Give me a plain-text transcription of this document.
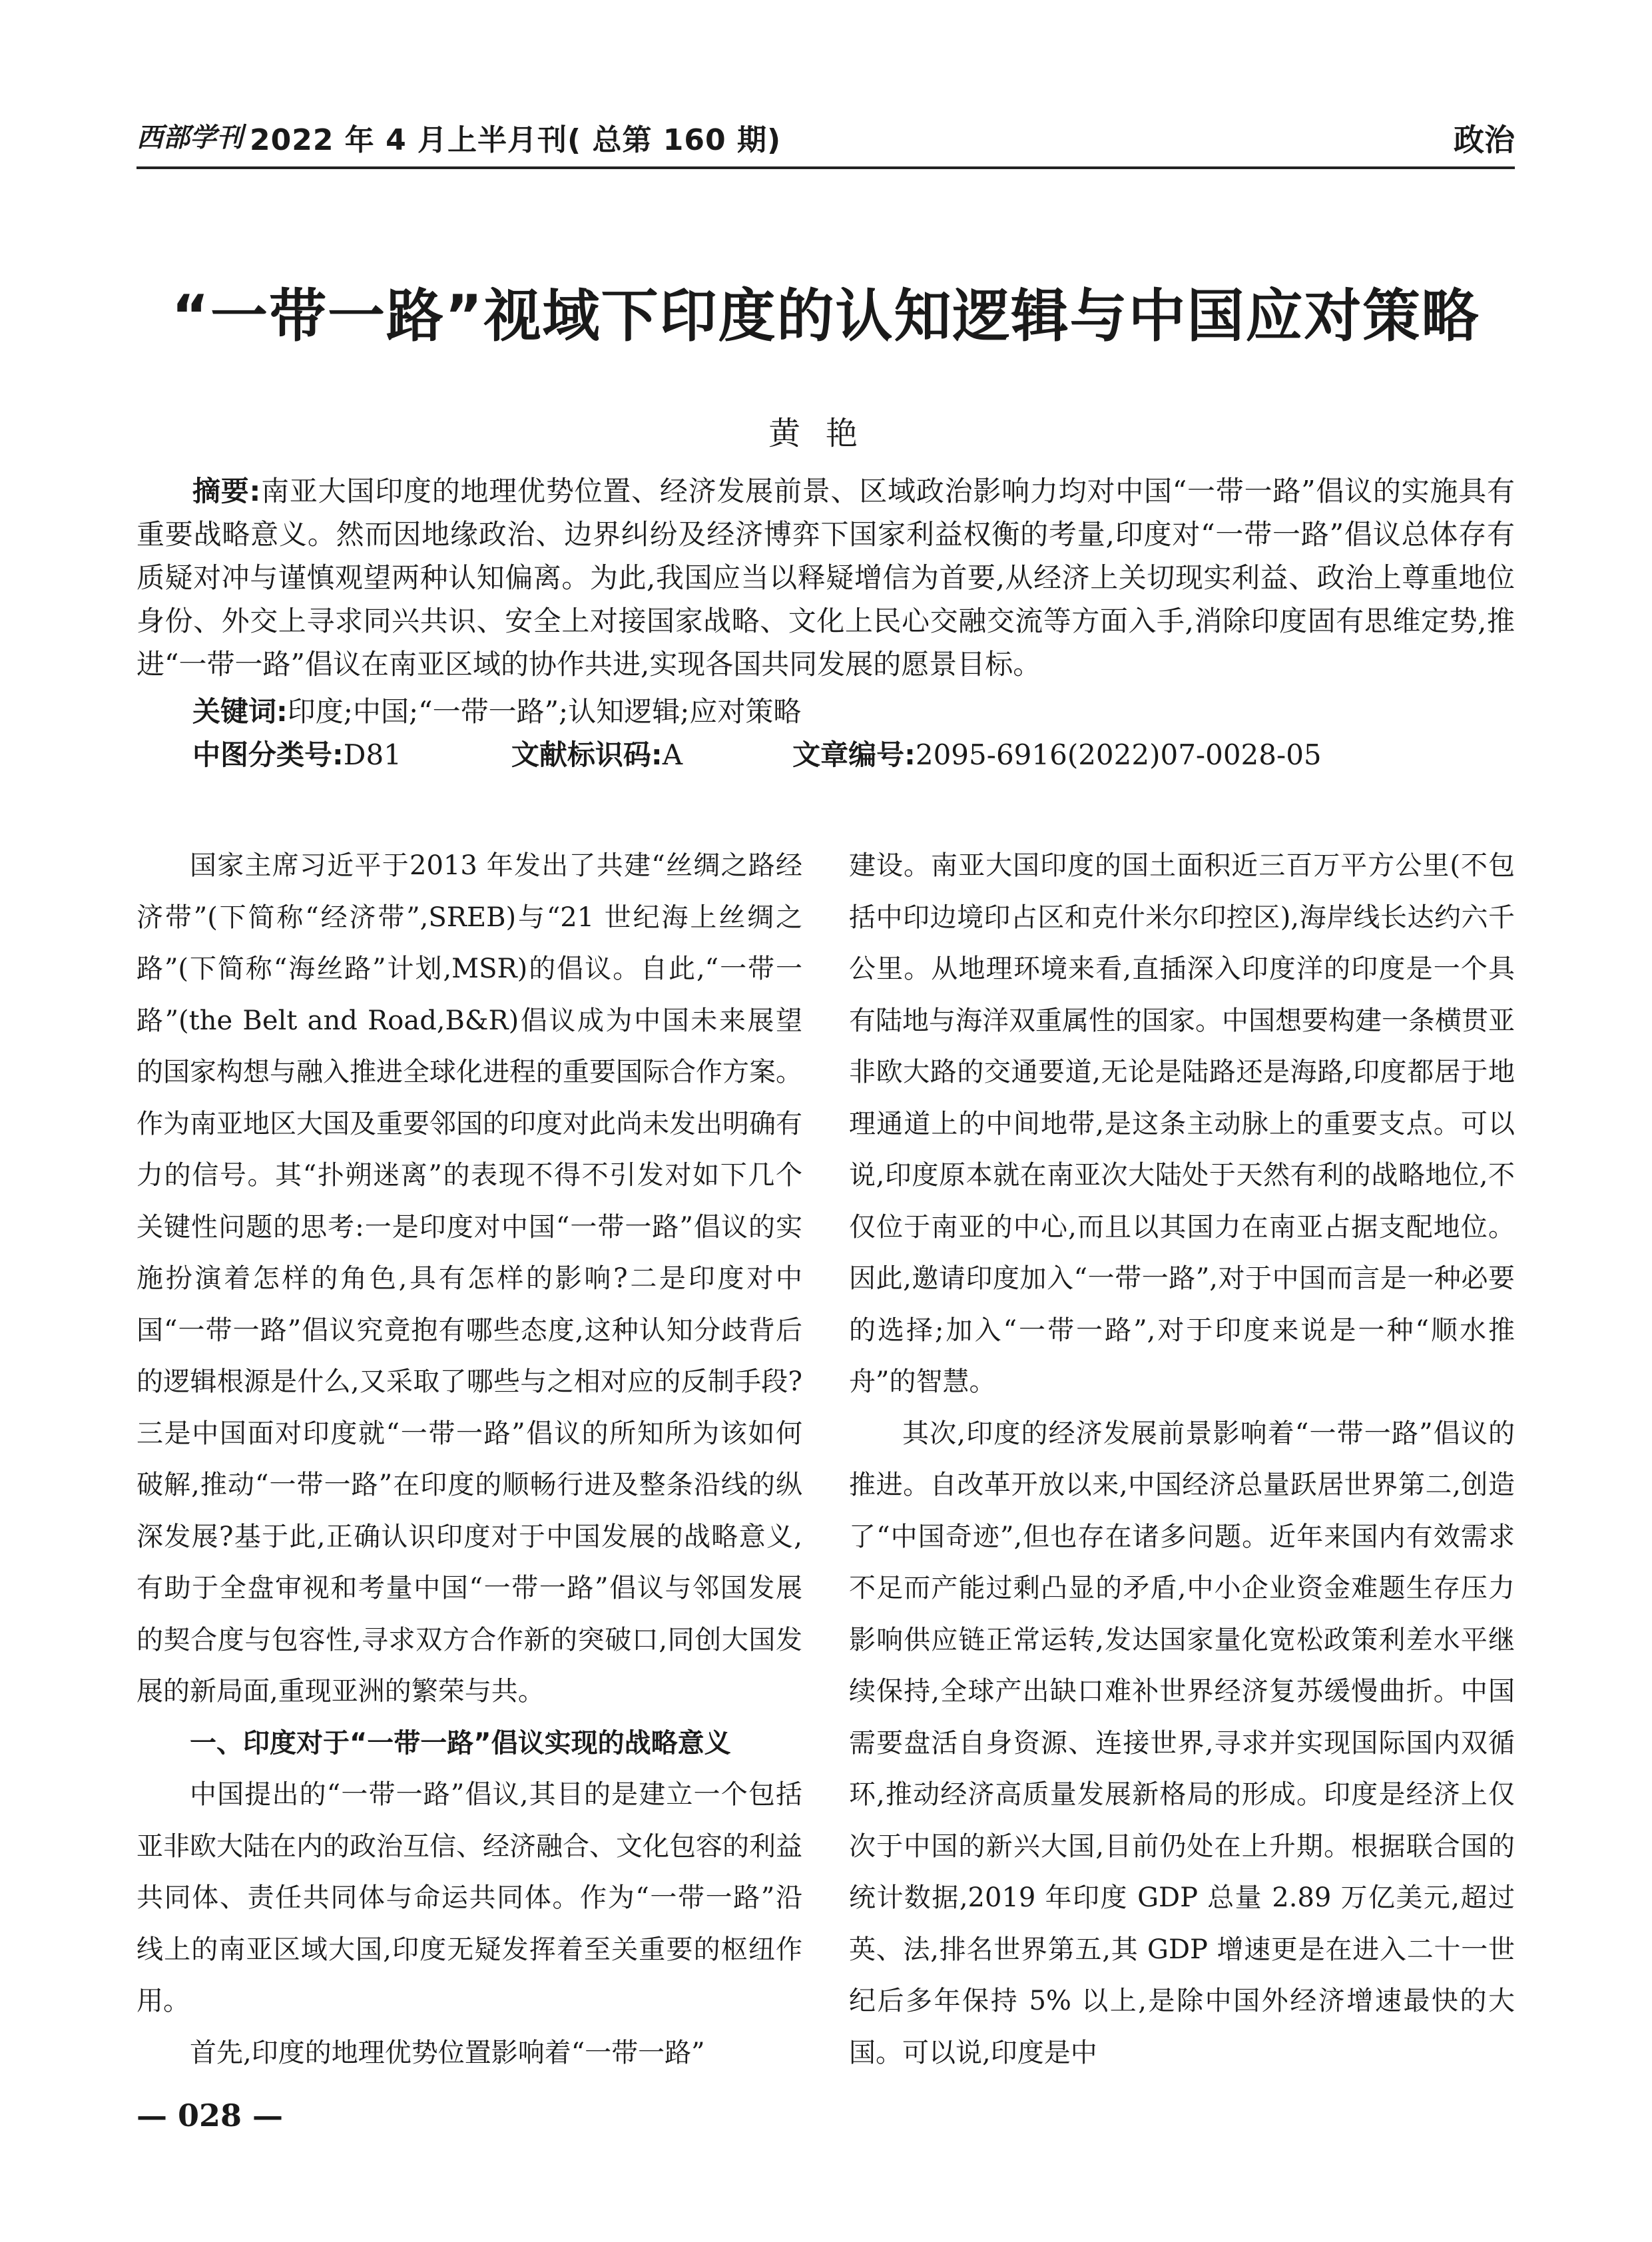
西部学刊 2022 年 4 月上半月刊( 总第 160 期)	政治
“一带一路”视域下印度的认知逻辑与中国应对策略
黄艳

摘要:南亚大国印度的地理优势位置、经济发展前景、区域政治影响力均对中国“一带一路”倡议的实施具有重要战略意义。然而因地缘政治、边界纠纷及经济博弈下国家利益权衡的考量,印度对“一带一路”倡议总体存有质疑对冲与谨慎观望两种认知偏离。为此,我国应当以释疑增信为首要,从经济上关切现实利益、政治上尊重地位身份、外交上寻求同兴共识、安全上对接国家战略、文化上民心交融交流等方面入手,消除印度固有思维定势,推进“一带一路”倡议在南亚区域的协作共进,实现各国共同发展的愿景目标。

关键词:印度;中国;“一带一路”;认知逻辑;应对策略

中图分类号:D81	文献标识码:A	文章编号:2095-6916(2022)07-0028-05

国家主席习近平于2013 年发出了共建“丝绸之路经济带”(下简称“经济带”,SREB)与“21 世纪海上丝绸之路”(下简称“海丝路”计划,MSR)的倡议。自此,“一带一路”(the Belt and Road,B&R)倡议成为中国未来展望的国家构想与融入推进全球化进程的重要国际合作方案。作为南亚地区大国及重要邻国的印度对此尚未发出明确有力的信号。其“扑朔迷离”的表现不得不引发对如下几个关键性问题的思考:一是印度对中国“一带一路”倡议的实施扮演着怎样的角色,具有怎样的影响?二是印度对中国“一带一路”倡议究竟抱有哪些态度,这种认知分歧背后的逻辑根源是什么,又采取了哪些与之相对应的反制手段?三是中国面对印度就“一带一路”倡议的所知所为该如何破解,推动“一带一路”在印度的顺畅行进及整条沿线的纵深发展?基于此,正确认识印度对于中国发展的战略意义,有助于全盘审视和考量中国“一带一路”倡议与邻国发展的契合度与包容性,寻求双方合作新的突破口,同创大国发展的新局面,重现亚洲的繁荣与共。

一、印度对于“一带一路”倡议实现的战略意义

中国提出的“一带一路”倡议,其目的是建立一个包括亚非欧大陆在内的政治互信、经济融合、文化包容的利益共同体、责任共同体与命运共同体。作为“一带一路”沿线上的南亚区域大国,印度无疑发挥着至关重要的枢纽作用。

首先,印度的地理优势位置影响着“一带一路”

建设。南亚大国印度的国土面积近三百万平方公里(不包括中印边境印占区和克什米尔印控区),海岸线长达约六千公里。从地理环境来看,直插深入印度洋的印度是一个具有陆地与海洋双重属性的国家。中国想要构建一条横贯亚非欧大路的交通要道,无论是陆路还是海路,印度都居于地理通道上的中间地带,是这条主动脉上的重要支点。可以说,印度原本就在南亚次大陆处于天然有利的战略地位,不仅位于南亚的中心,而且以其国力在南亚占据支配地位。因此,邀请印度加入“一带一路”,对于中国而言是一种必要的选择;加入“一带一路”,对于印度来说是一种“顺水推舟”的智慧。

其次,印度的经济发展前景影响着“一带一路”倡议的推进。自改革开放以来,中国经济总量跃居世界第二,创造了“中国奇迹”,但也存在诸多问题。近年来国内有效需求不足而产能过剩凸显的矛盾,中小企业资金难题生存压力影响供应链正常运转,发达国家量化宽松政策利差水平继续保持,全球产出缺口难补世界经济复苏缓慢曲折。中国需要盘活自身资源、连接世界,寻求并实现国际国内双循环,推动经济高质量发展新格局的形成。印度是经济上仅次于中国的新兴大国,目前仍处在上升期。根据联合国的统计数据,2019 年印度 GDP 总量 2.89 万亿美元,超过英、法,排名世界第五,其 GDP 增速更是在进入二十一世纪后多年保持 5% 以上,是除中国外经济增速最快的大国。可以说,印度是中

— 028 —
